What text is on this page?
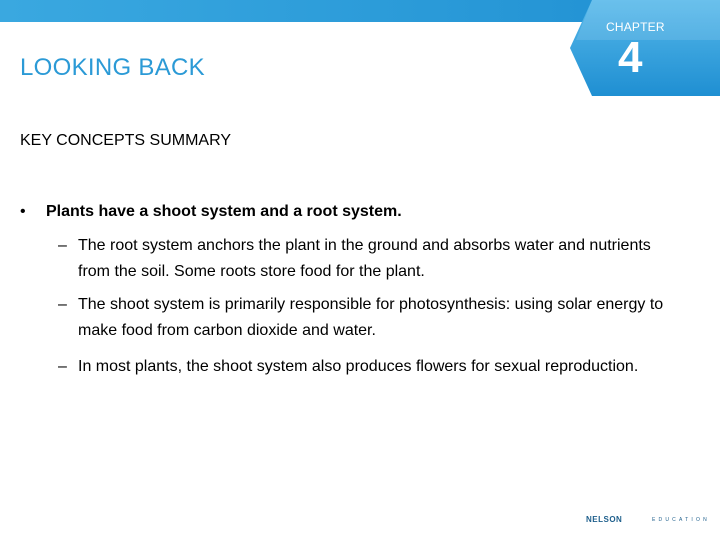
CHAPTER
4
LOOKING BACK
KEY CONCEPTS SUMMARY
•	Plants have a shoot system and a root system.
– The root system anchors the plant in the ground and absorbs water and nutrients from the soil. Some roots store food for the plant.
– The shoot system is primarily responsible for photosynthesis: using solar energy to make food from carbon dioxide and water.
– In most plants, the shoot system also produces flowers for sexual reproduction.
NELSON	EDUCATION
